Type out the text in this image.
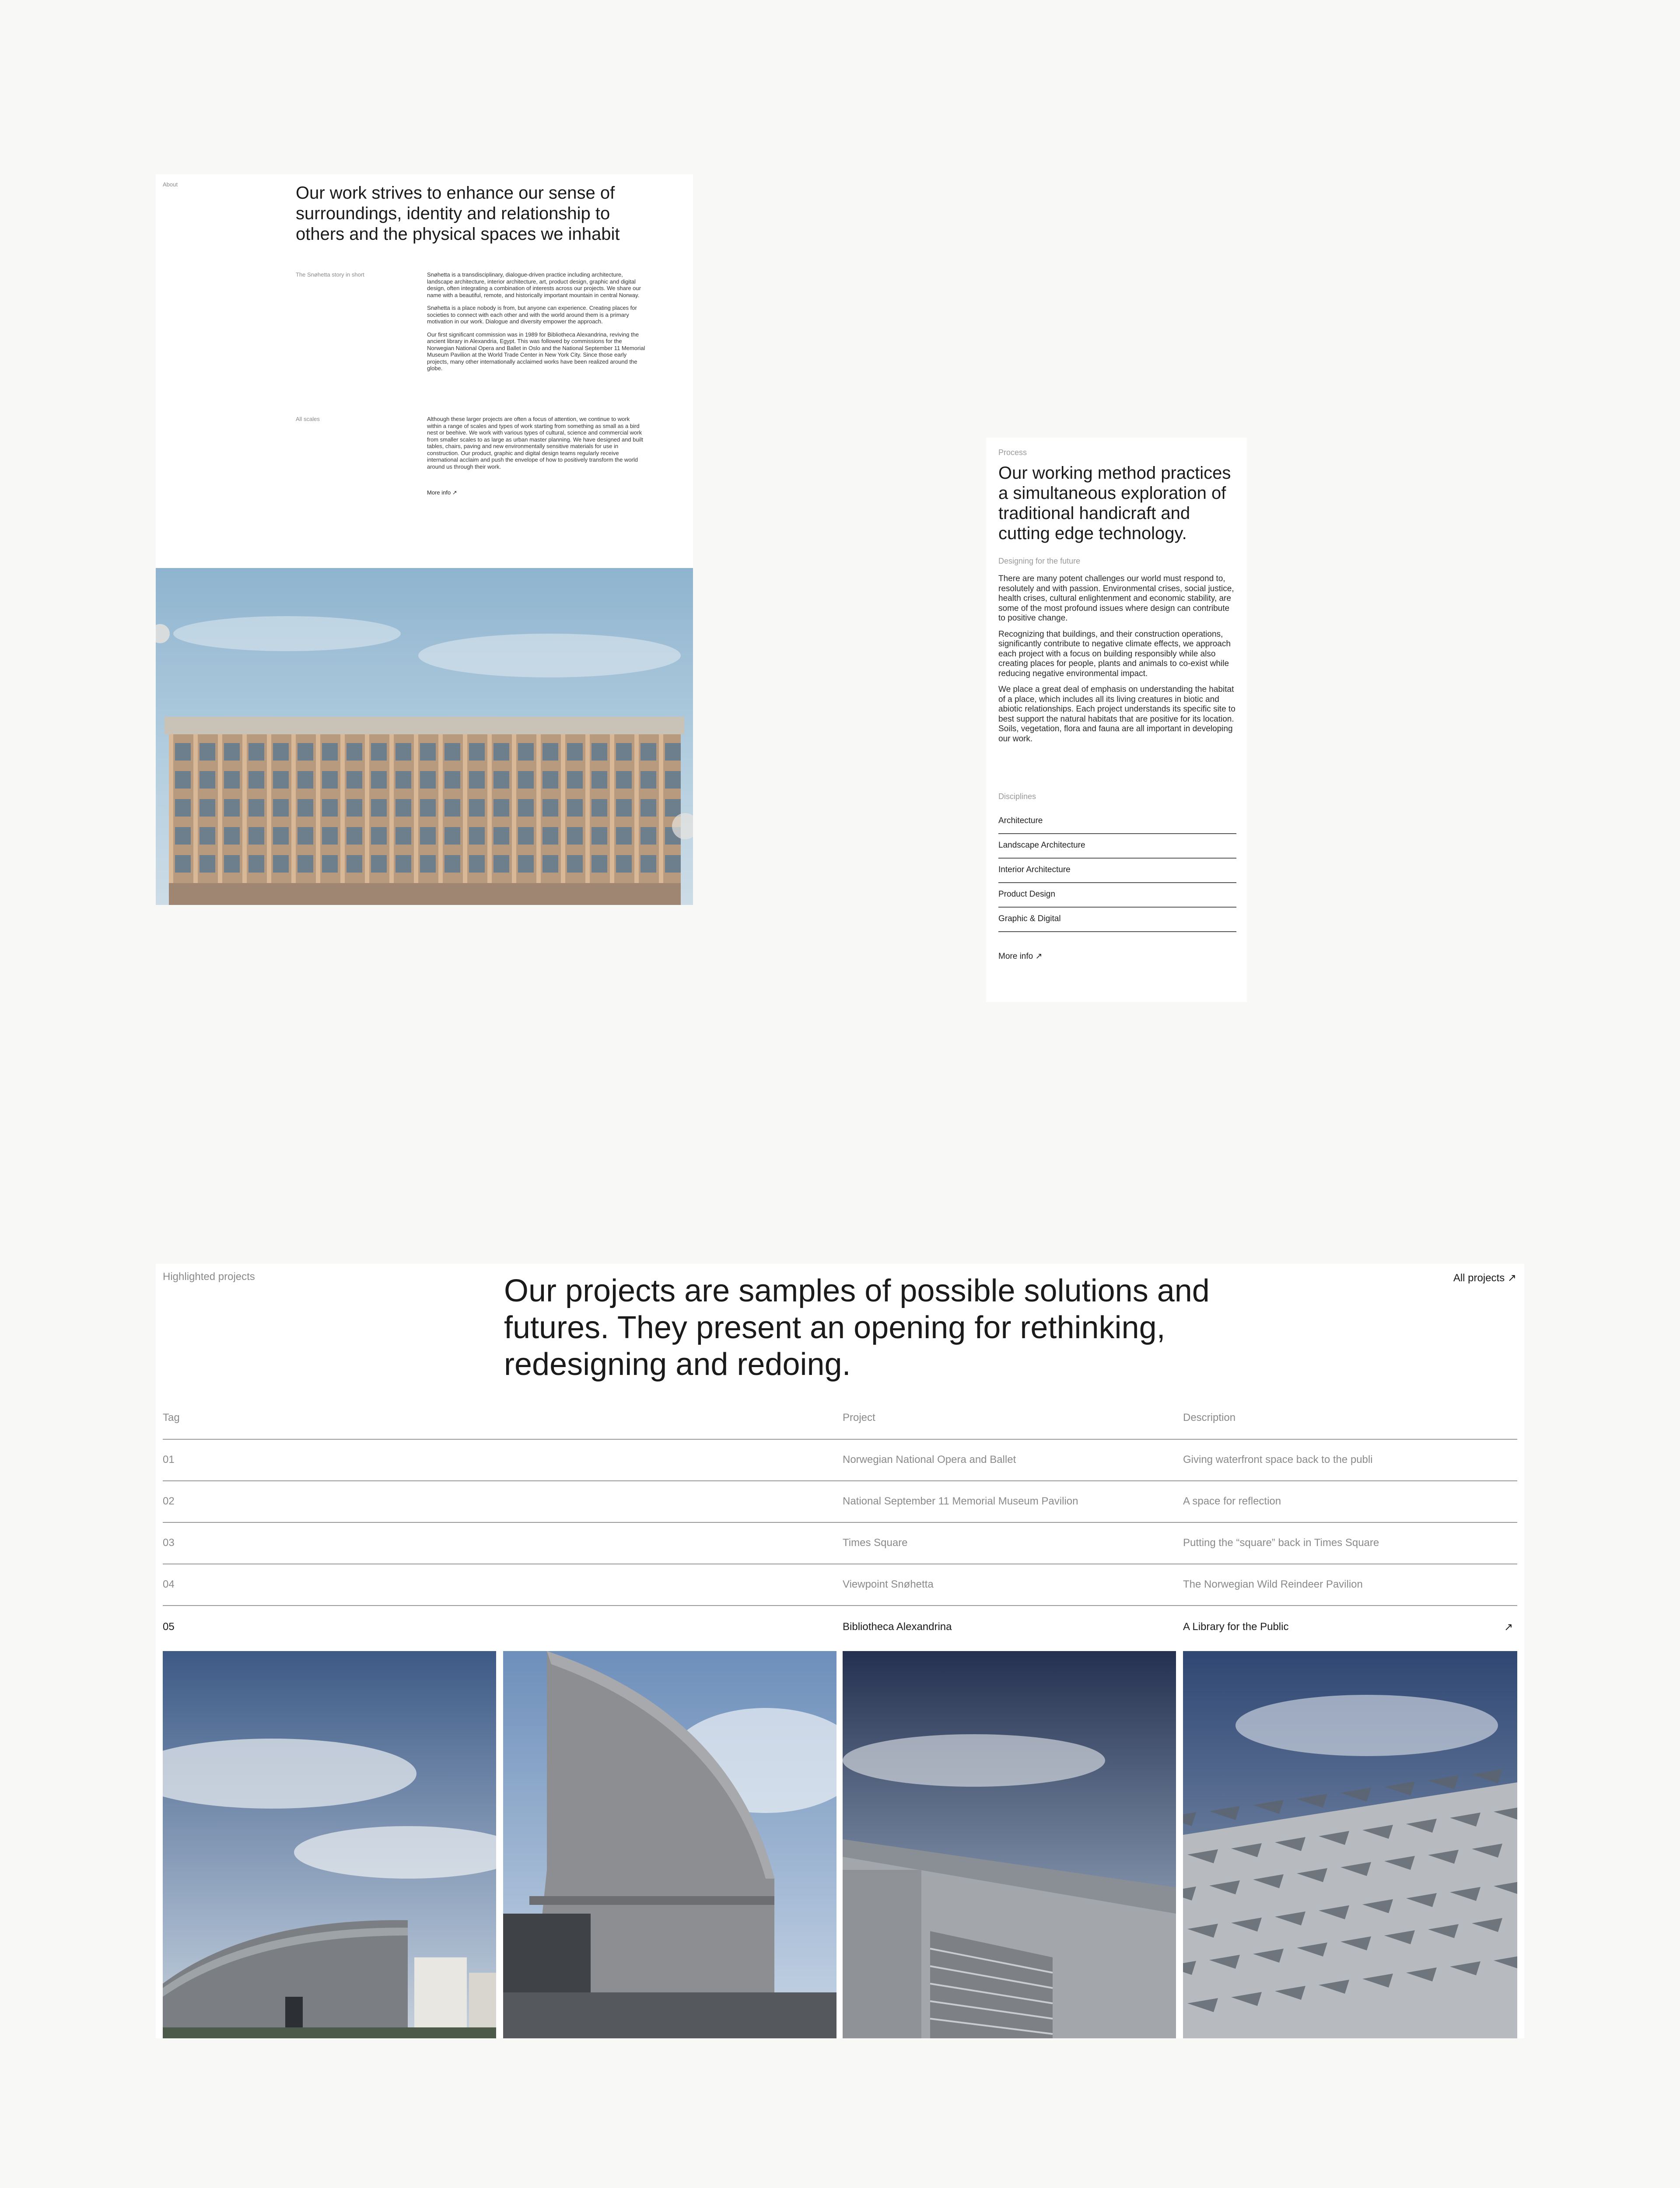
About	Our work strives to enhance our sense of surroundings, identity and relationship to others and the physical spaces we inhabit
The Snøhetta story in short	Snøhetta is a transdisciplinary, dialogue-driven practice including architecture, landscape architecture, interior architecture, art, product design, graphic and digital design, often integrating a combination of interests across our projects. We share our name with a beautiful, remote, and historically important mountain in central Norway.

Snøhetta is a place nobody is from, but anyone can experience. Creating places for societies to connect with each other and with the world around them is a primary motivation in our work. Dialogue and diversity empower the approach.

Our first significant commission was in 1989 for Bibliotheca Alexandrina, reviving the ancient library in Alexandria, Egypt. This was followed by commissions for the Norwegian National Opera and Ballet in Oslo and the National September 11 Memorial Museum Pavilion at the World Trade Center in New York City. Since those early projects, many other internationally acclaimed works have been realized around the globe.

All scales	Although these larger projects are often a focus of attention, we continue to work within a range of scales and types of work starting from something as small as a bird nest or beehive. We work with various types of cultural, science and commercial work from smaller scales to as large as urban master planning. We have designed and built tables, chairs, paving and new environmentally sensitive materials for use in construction. Our product, graphic and digital design teams regularly receive international acclaim and push the envelope of how to positively transform the world around us through their work.

More info ↗
Process
Our working method practices a simultaneous exploration of traditional handicraft and cutting edge technology.
Designing for the future

There are many potent challenges our world must respond to, resolutely and with passion. Environmental crises, social justice, health crises, cultural enlightenment and economic stability, are some of the most profound issues where design can contribute to positive change.

Recognizing that buildings, and their construction operations, significantly contribute to negative climate effects, we approach each project with a focus on building responsibly while also creating places for people, plants and animals to co-exist while reducing negative environmental impact.

We place a great deal of emphasis on understanding the habitat of a place, which includes all its living creatures in biotic and abiotic relationships. Each project understands its specific site to best support the natural habitats that are positive for its location. Soils, vegetation, flora and fauna are all important in developing our work.

Disciplines
Architecture
Landscape Architecture
Interior Architecture
Product Design
Graphic & Digital
More info ↗
Highlighted projects	All projects ↗
Our projects are samples of possible solutions and futures. They present an opening for rethinking, redesigning and redoing.
Tag	Project	Description
01	Norwegian National Opera and Ballet	Giving waterfront space back to the publi
02	National September 11 Memorial Museum Pavilion	A space for reflection
03	Times Square	Putting the “square” back in Times Square
04	Viewpoint Snøhetta	The Norwegian Wild Reindeer Pavilion
05	Bibliotheca Alexandrina	A Library for the Public	↗
